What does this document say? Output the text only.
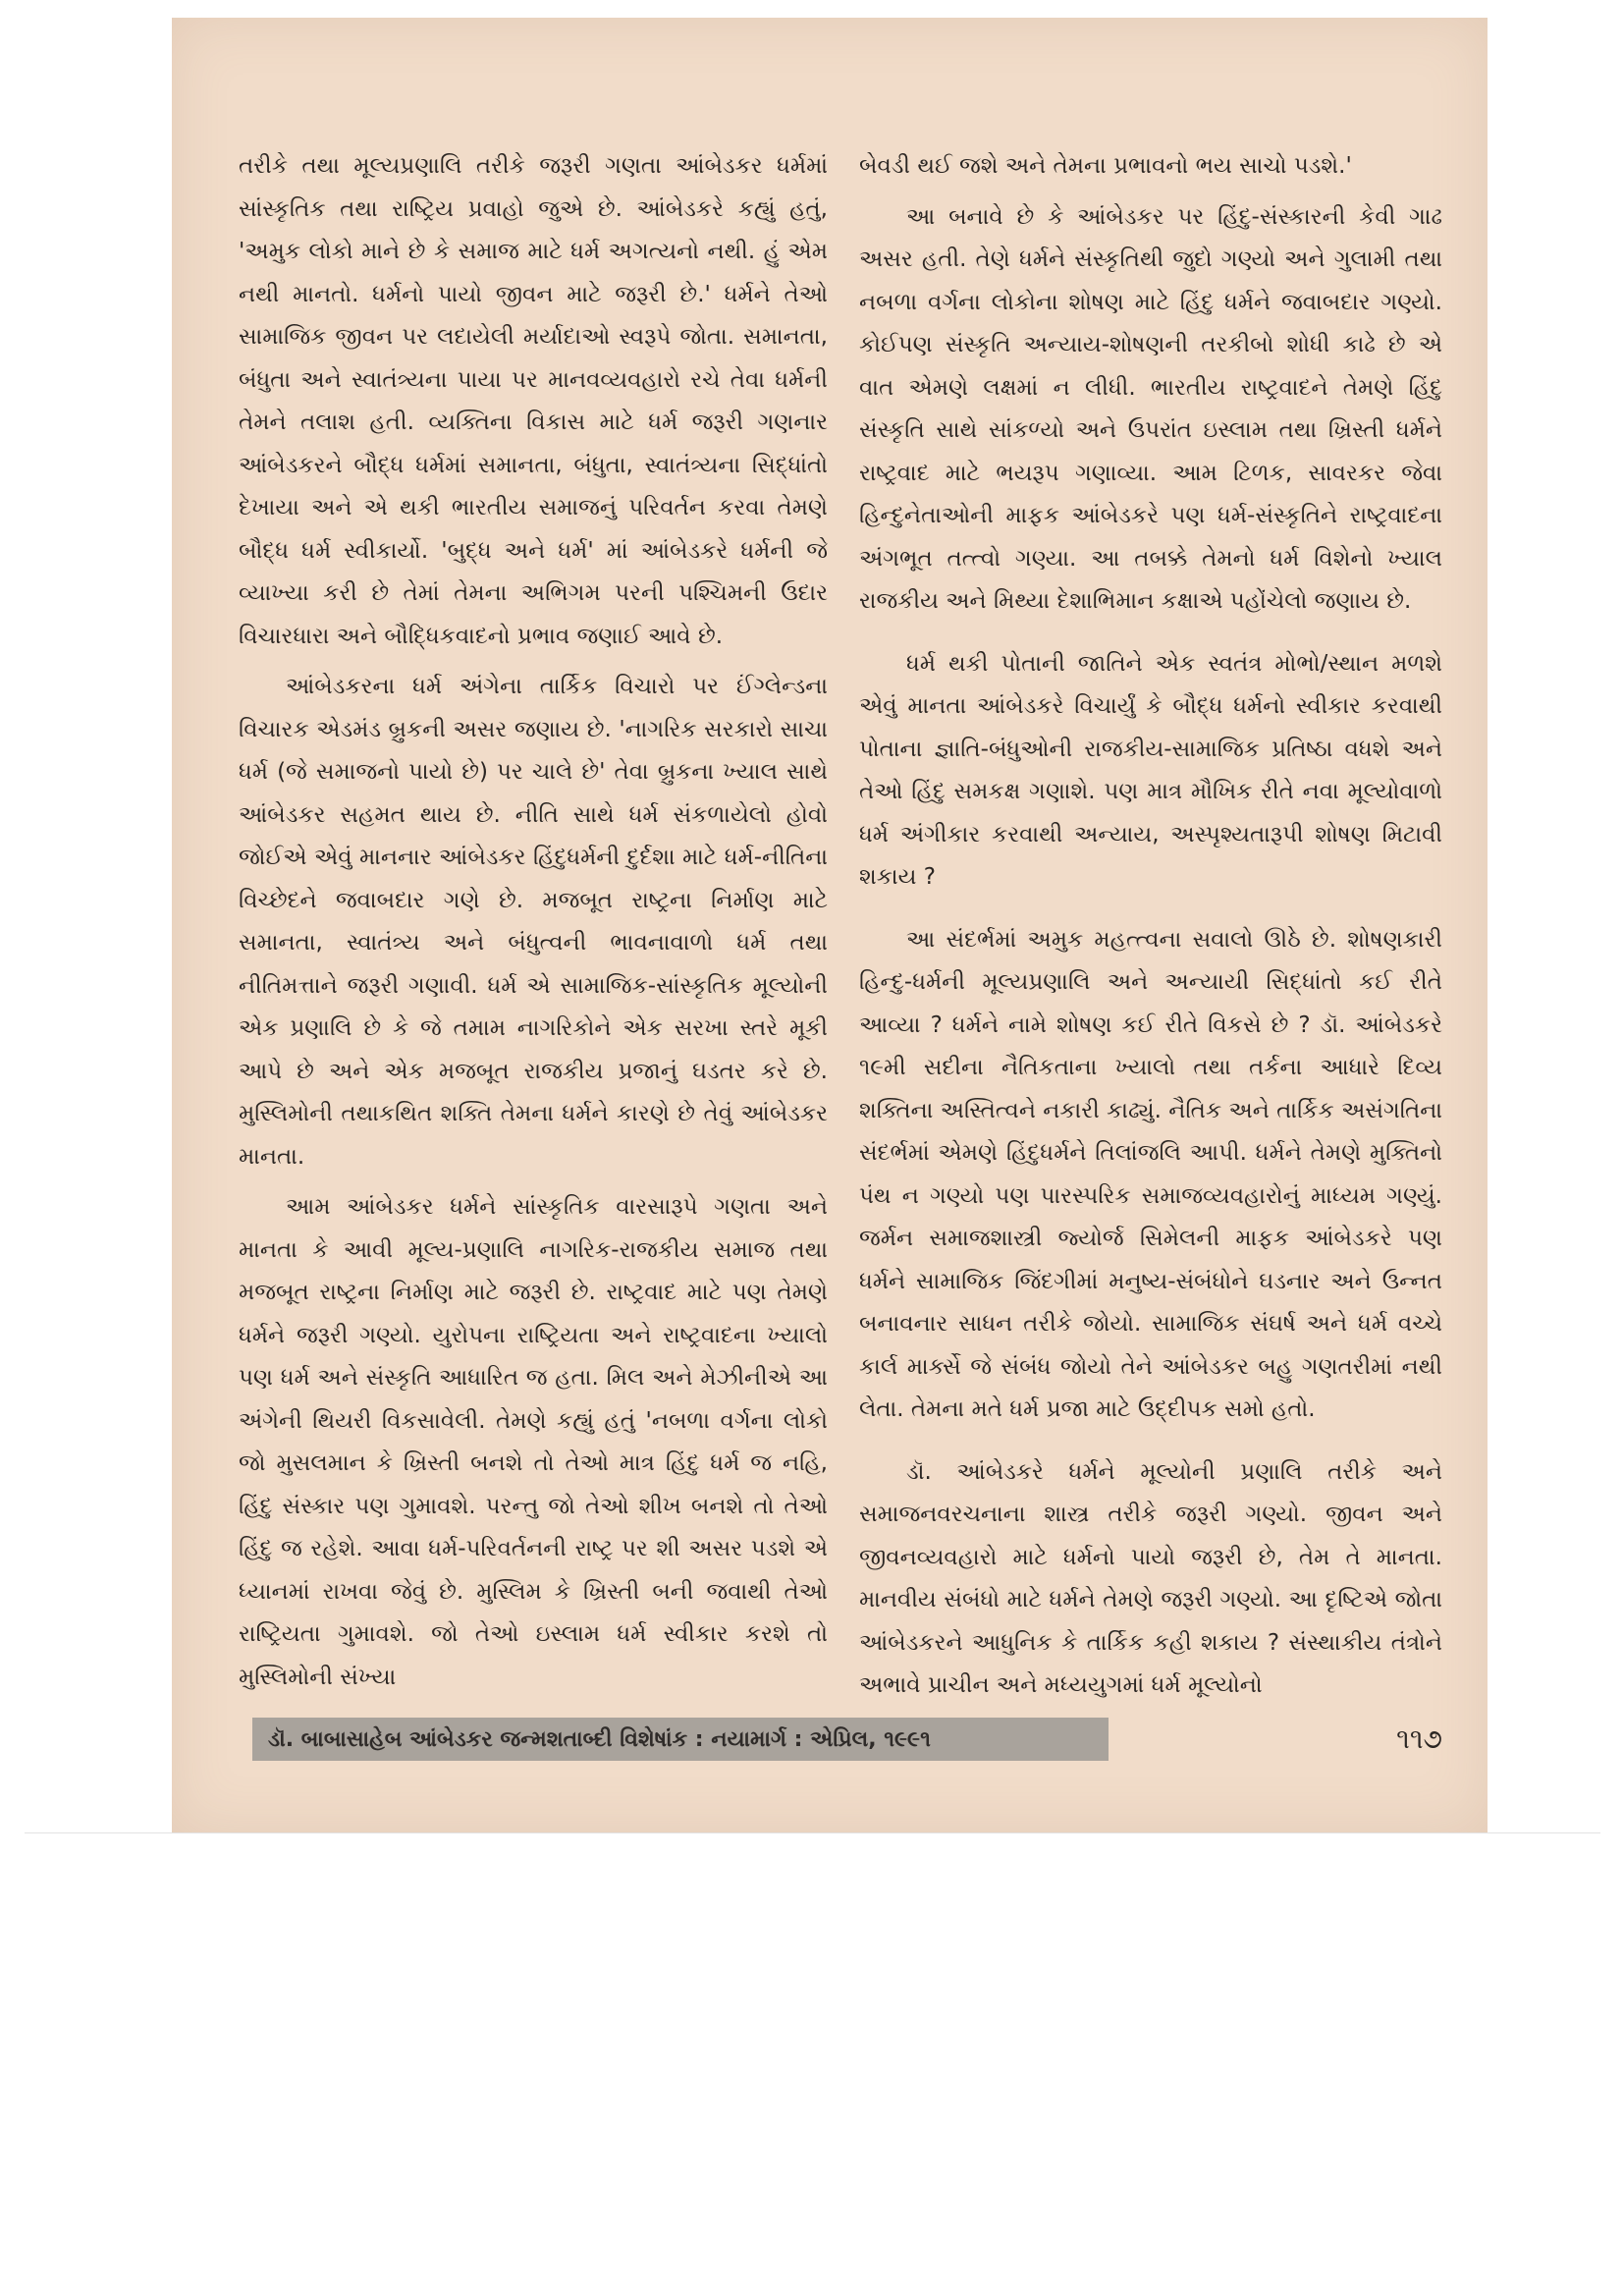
તરીકે તથા મૂલ્યપ્રણાલિ તરીકે જરૂરી ગણતા આંબેડકર ધર્મમાં સાંસ્કૃતિક તથા રાષ્ટ્રિય પ્રવાહો જુએ છે. આંબેડકરે કહ્યું હતું, 'અમુક લોકો માને છે કે સમાજ માટે ધર્મ અગત્યનો નથી. હું એમ નથી માનતો. ધર્મનો પાયો જીવન માટે જરૂરી છે.' ધર્મને તેઓ સામાજિક જીવન પર લદાયેલી મર્યાદાઓ સ્વરૂપે જોતા. સમાનતા, બંધુતા અને સ્વાતંત્ર્યના પાયા પર માનવવ્યવહારો રચે તેવા ધર્મની તેમને તલાશ હતી. વ્યક્તિના વિકાસ માટે ધર્મ જરૂરી ગણનાર આંબેડકરને બૌદ્ધ ધર્મમાં સમાનતા, બંધુતા, સ્વાતંત્ર્યના સિદ્ધાંતો દેખાયા અને એ થકી ભારતીય સમાજનું પરિવર્તન કરવા તેમણે બૌદ્ધ ધર્મ સ્વીકાર્યો. 'બુદ્ધ અને ધર્મ' માં આંબેડકરે ધર્મની જે વ્યાખ્યા કરી છે તેમાં તેમના અભિગમ પરની પશ્ચિમની ઉદાર વિચારધારા અને બૌદ્ધિકવાદનો પ્રભાવ જણાઈ આવે છે.

આંબેડકરના ધર્મ અંગેના તાર્કિક વિચારો પર ઈંગ્લેન્ડના વિચારક એડમંડ બ્રુકની અસર જણાય છે. 'નાગરિક સરકારો સાચા ધર્મ (જે સમાજનો પાયો છે) પર ચાલે છે' તેવા બ્રુકના ખ્યાલ સાથે આંબેડકર સહમત થાય છે. નીતિ સાથે ધર્મ સંકળાયેલો હોવો જોઈએ એવું માનનાર આંબેડકર હિંદુધર્મની દુર્દશા માટે ધર્મ-નીતિના વિચ્છેદને જવાબદાર ગણે છે. મજબૂત રાષ્ટ્રના નિર્માણ માટે સમાનતા, સ્વાતંત્ર્ય અને બંધુત્વની ભાવનાવાળો ધર્મ તથા નીતિમત્તાને જરૂરી ગણાવી. ધર્મ એ સામાજિક-સાંસ્કૃતિક મૂલ્યોની એક પ્રણાલિ છે કે જે તમામ નાગરિકોને એક સરખા સ્તરે મૂકી આપે છે અને એક મજબૂત રાજકીય પ્રજાનું ઘડતર કરે છે. મુસ્લિમોની તથાકથિત શક્તિ તેમના ધર્મને કારણે છે તેવું આંબેડકર માનતા.

આમ આંબેડકર ધર્મને સાંસ્કૃતિક વારસારૂપે ગણતા અને માનતા કે આવી મૂલ્ય-પ્રણાલિ નાગરિક-રાજકીય સમાજ તથા મજબૂત રાષ્ટ્રના નિર્માણ માટે જરૂરી છે. રાષ્ટ્રવાદ માટે પણ તેમણે ધર્મને જરૂરી ગણ્યો. યુરોપના રાષ્ટ્રિયતા અને રાષ્ટ્રવાદના ખ્યાલો પણ ધર્મ અને સંસ્કૃતિ આધારિત જ હતા. મિલ અને મેઝીનીએ આ અંગેની થિયરી વિકસાવેલી. તેમણે કહ્યું હતું 'નબળા વર્ગના લોકો જો મુસલમાન કે ખ્રિસ્તી બનશે તો તેઓ માત્ર હિંદુ ધર્મ જ નહિ, હિંદુ સંસ્કાર પણ ગુમાવશે. પરન્તુ જો તેઓ શીખ બનશે તો તેઓ હિંદુ જ રહેશે. આવા ધર્મ-પરિવર્તનની રાષ્ટ્ર પર શી અસર પડશે એ ધ્યાનમાં રાખવા જેવું છે. મુસ્લિમ કે ખ્રિસ્તી બની જવાથી તેઓ રાષ્ટ્રિયતા ગુમાવશે. જો તેઓ ઇસ્લામ ધર્મ સ્વીકાર કરશે તો મુસ્લિમોની સંખ્યા

બેવડી થઈ જશે અને તેમના પ્રભાવનો ભય સાચો પડશે.'

આ બનાવે છે કે આંબેડકર પર હિંદુ-સંસ્કારની કેવી ગાઢ અસર હતી. તેણે ધર્મને સંસ્કૃતિથી જુદો ગણ્યો અને ગુલામી તથા નબળા વર્ગના લોકોના શોષણ માટે હિંદુ ધર્મને જવાબદાર ગણ્યો. કોઈપણ સંસ્કૃતિ અન્યાય-શોષણની તરકીબો શોધી કાઢે છે એ વાત એમણે લક્ષમાં ન લીધી. ભારતીય રાષ્ટ્રવાદને તેમણે હિંદુ સંસ્કૃતિ સાથે સાંકળ્યો અને ઉપરાંત ઇસ્લામ તથા ખ્રિસ્તી ધર્મને રાષ્ટ્રવાદ માટે ભયરૂપ ગણાવ્યા. આમ ટિળક, સાવરકર જેવા હિન્દુનેતાઓની માફક આંબેડકરે પણ ધર્મ-સંસ્કૃતિને રાષ્ટ્રવાદના અંગભૂત તત્ત્વો ગણ્યા. આ તબક્કે તેમનો ધર્મ વિશેનો ખ્યાલ રાજકીય અને મિથ્યા દેશાભિમાન કક્ષાએ પહોંચેલો જણાય છે.

ધર્મ થકી પોતાની જાતિને એક સ્વતંત્ર મોભો/સ્થાન મળશે એવું માનતા આંબેડકરે વિચાર્યું કે બૌદ્ધ ધર્મનો સ્વીકાર કરવાથી પોતાના જ્ઞાતિ-બંધુઓની રાજકીય-સામાજિક પ્રતિષ્ઠા વધશે અને તેઓ હિંદુ સમકક્ષ ગણાશે. પણ માત્ર મૌખિક રીતે નવા મૂલ્યોવાળો ધર્મ અંગીકાર કરવાથી અન્યાય, અસ્પૃશ્યતારૂપી શોષણ મિટાવી શકાય ?

આ સંદર્ભમાં અમુક મહત્ત્વના સવાલો ઊઠે છે. શોષણકારી હિન્દુ-ધર્મની મૂલ્યપ્રણાલિ અને અન્યાયી સિદ્ધાંતો કઈ રીતે આવ્યા ? ધર્મને નામે શોષણ કઈ રીતે વિકસે છે ? ડૉ. આંબેડકરે ૧૯મી સદીના નૈતિકતાના ખ્યાલો તથા તર્કના આધારે દિવ્ય શક્તિના અસ્તિત્વને નકારી કાઢ્યું. નૈતિક અને તાર્કિક અસંગતિના સંદર્ભમાં એમણે હિંદુધર્મને તિલાંજલિ આપી. ધર્મને તેમણે મુક્તિનો પંથ ન ગણ્યો પણ પારસ્પરિક સમાજવ્યવહારોનું માધ્યમ ગણ્યું. જર્મન સમાજશાસ્ત્રી જ્યોર્જ સિમેલની માફક આંબેડકરે પણ ધર્મને સામાજિક જિંદગીમાં મનુષ્ય-સંબંધોને ઘડનાર અને ઉન્નત બનાવનાર સાધન તરીકે જોયો. સામાજિક સંઘર્ષ અને ધર્મ વચ્ચે કાર્લ માર્ક્સે જે સંબંધ જોયો તેને આંબેડકર બહુ ગણતરીમાં નથી લેતા. તેમના મતે ધર્મ પ્રજા માટે ઉદ્દીપક સમો હતો.

ડૉ. આંબેડકરે ધર્મને મૂલ્યોની પ્રણાલિ તરીકે અને સમાજનવરચનાના શાસ્ત્ર તરીકે જરૂરી ગણ્યો. જીવન અને જીવનવ્યવહારો માટે ધર્મનો પાયો જરૂરી છે, તેમ તે માનતા. માનવીય સંબંધો માટે ધર્મને તેમણે જરૂરી ગણ્યો. આ દૃષ્ટિએ જોતા આંબેડકરને આધુનિક કે તાર્કિક કહી શકાય ? સંસ્થાકીય તંત્રોને અભાવે પ્રાચીન અને મધ્યયુગમાં ધર્મ મૂલ્યોનો

ડૉ. બાબાસાહેબ આંબેડકર જન્મશતાબ્દી વિશેષાંક : નયામાર્ગ : એપ્રિલ, ૧૯૯૧	૧૧૭
